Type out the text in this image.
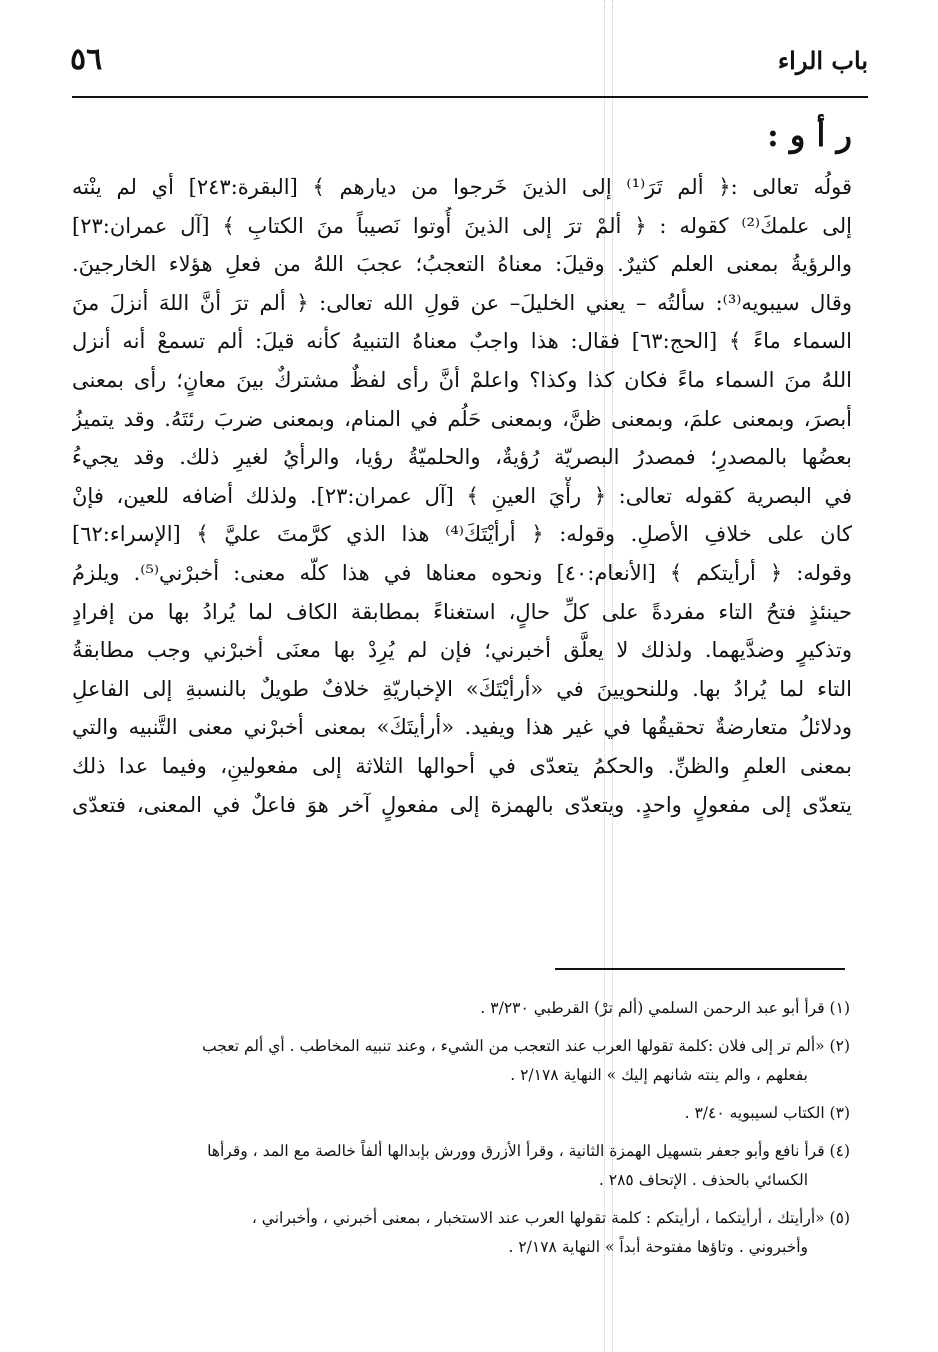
باب الراء
٥٦
ر أ و :
قولُه تعالى :﴿ ألم تَرَ⁽¹⁾ إلى الذينَ خَرجوا من ديارهم ﴾ [البقرة:٢٤٣] أي لم ينْته
إلى علمكَ⁽²⁾ كقوله : ﴿ ألمْ ترَ إلى الذينَ أُوتوا نَصيباً منَ الكتابِ ﴾ [آل عمران:٢٣]
والرؤيةُ بمعنى العلم كثيرٌ. وقيلَ: معناهُ التعجبُ؛ عجبَ اللهُ من فعلِ هؤلاء الخارجينَ.
وقال سيبويه⁽³⁾: سألتُه – يعني الخليلَ– عن قولِ الله تعالى: ﴿ ألم ترَ أنَّ اللهَ أنزلَ منَ
السماء ماءً ﴾ [الحج:٦٣] فقال: هذا واجبٌ معناهُ التنبيهُ كأنه قيلَ: ألم تسمعْ أنه أنزل
اللهُ منَ السماء ماءً فكان كذا وكذا؟ واعلمْ أنَّ رأى لفظٌ مشتركٌ بينَ معانٍ؛ رأى بمعنى
أبصرَ، وبمعنى علمَ، وبمعنى ظنَّ، وبمعنى حَلُم في المنام، وبمعنى ضربَ رئتَهُ. وقد يتميزُ
بعضُها بالمصدرِ؛ فمصدرُ البصريّة رُؤيةٌ، والحلميّةُ رؤيا، والرأيُ لغيرِ ذلك. وقد يجيءُ
في البصرية كقوله تعالى: ﴿ رأْيَ العينِ ﴾ [آل عمران:٢٣]. ولذلك أضافه للعين، فإنْ
كان على خلافِ الأصلِ. وقوله: ﴿ أرأيْتَكَ⁽⁴⁾ هذا الذي كرَّمتَ عليَّ ﴾ [الإسراء:٦٢]
وقوله: ﴿ أرأيتكم ﴾ [الأنعام:٤٠] ونحوه معناها في هذا كلّه معنى: أخبرْني⁽⁵⁾. ويلزمُ
حينئذٍ فتحُ التاء مفردةً على كلِّ حالٍ، استغناءً بمطابقة الكاف لما يُرادُ بها من إفرادٍ
وتذكيرٍ وضدَّيهما. ولذلك لا يعلَّق أخبرني؛ فإن لم يُرِدْ بها معنَى أخبرْني وجب مطابقةُ
التاء لما يُرادُ بها. وللنحويينَ في «أرأيْتَكَ» الإخباريّةِ خلافٌ طويلٌ بالنسبةِ إلى الفاعلِ
ودلائلُ متعارضةٌ تحقيقُها في غير هذا ويفيد. «أرأيتَكَ» بمعنى أخبرْني معنى التَّنبيه والتي
بمعنى العلمِ والظنِّ. والحكمُ يتعدّى في أحوالها الثلاثة إلى مفعولينِ، وفيما عدا ذلك
يتعدّى إلى مفعولٍ واحدٍ. ويتعدّى بالهمزة إلى مفعولٍ آخر هوَ فاعلٌ في المعنى، فتعدّى
(١) قرأ أبو عبد الرحمن السلمي (ألم ترْ) القرطبي ٣/٢٣٠ .
(٢) «ألم تر إلى فلان :كلمة تقولها العرب عند التعجب من الشيء ، وعند تنبيه المخاطب . أي ألم تعجب
بفعلهم ، والم ينته شانهم إليك » النهاية ٢/١٧٨ .
(٣) الكتاب لسيبويه ٣/٤٠ .
(٤) قرأ نافع وأبو جعفر بتسهيل الهمزة الثانية ، وقرأ الأزرق وورش بإبدالها ألفاً خالصة مع المد ، وقرأها
الكسائي بالحذف . الإتحاف ٢٨٥ .
(٥) «أرأيتك ، أرأيتكما ، أرأيتكم : كلمة تقولها العرب عند الاستخبار ، بمعنى أخبرني ، وأخبراني ،
وأخبروني . وتاؤها مفتوحة أبداً » النهاية ٢/١٧٨ .
